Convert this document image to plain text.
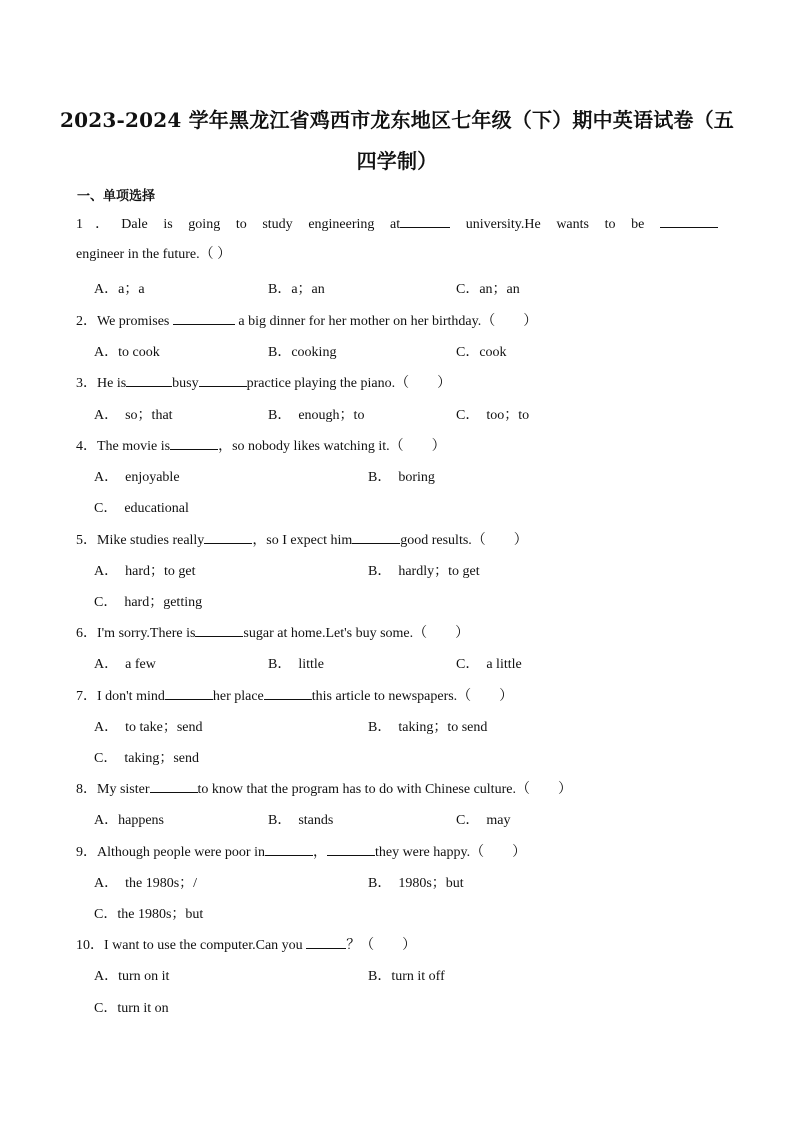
2023-2024 学年黑龙江省鸡西市龙东地区七年级（下）期中英语试卷（五
四学制）
一、单项选择
1．Dale is going to study engineering at	university.He wants to be  engineer in the future.（ ）
A．a；a	B．a；an	C．an；an
2．We promises	a big dinner for her mother on her birthday.（　　）
A．to cook	B．cooking	C．cook
3．He is	busy	practice playing the piano.（　　）
A．　so；that	B．　enough；to	C．　too；to
4．The movie is	，so nobody likes watching it.（　　）
A．　enjoyable	B．　boring
C．　educational
5．Mike studies really	，so I expect him	good results.（　　）
A．　hard；to get	B．　hardly；to get
C．　hard；getting
6．I'm sorry.There is	sugar at home.Let's buy some.（　　）
A．　a few	B．　little	C．　a little
7．I don't mind	her place	this article to newspapers.（　　）
A．　to take；send	B．　taking；to send
C．　taking；send
8．My sister	to know that the program has to do with Chinese culture.（　　）
A．happens	B．　stands	C．　may
9．Although people were poor in	，	they were happy.（　　）
A．　the 1980s；/	B．　1980s；but
C．the 1980s；but
10．I want to use the computer.Can you	？（　　）
A．turn on it	B．turn it off
C．turn it on
